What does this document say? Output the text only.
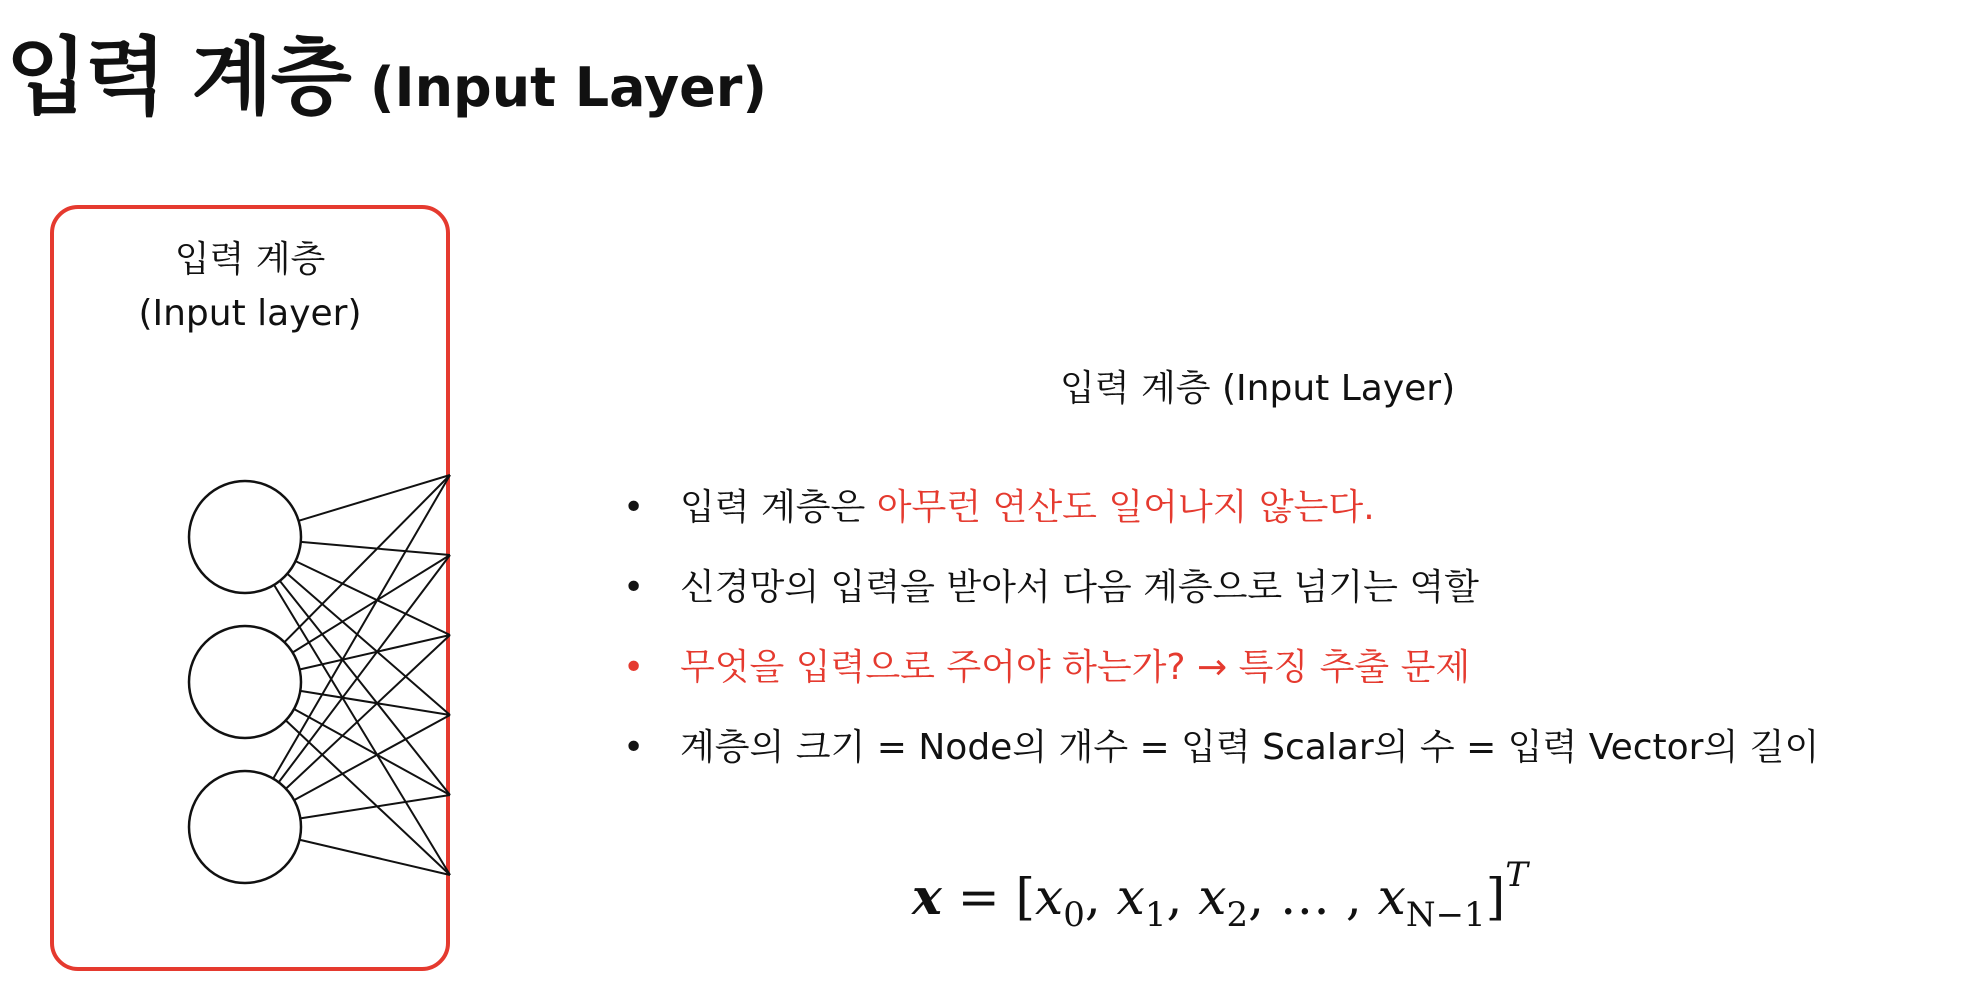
입력 계층 (Input Layer)
입력 계층
(Input layer)
입력 계층 (Input Layer)
• 입력 계층은 아무런 연산도 일어나지 않는다.
• 신경망의 입력을 받아서 다음 계층으로 넘기는 역할
• 무엇을 입력으로 주어야 하는가? → 특징 추출 문제
• 계층의 크기 = Node의 개수 = 입력 Scalar의 수 = 입력 Vector의 길이
$x = [x_0$, $x_1$, $x_2$, … , $x_{N-1}]^T$
